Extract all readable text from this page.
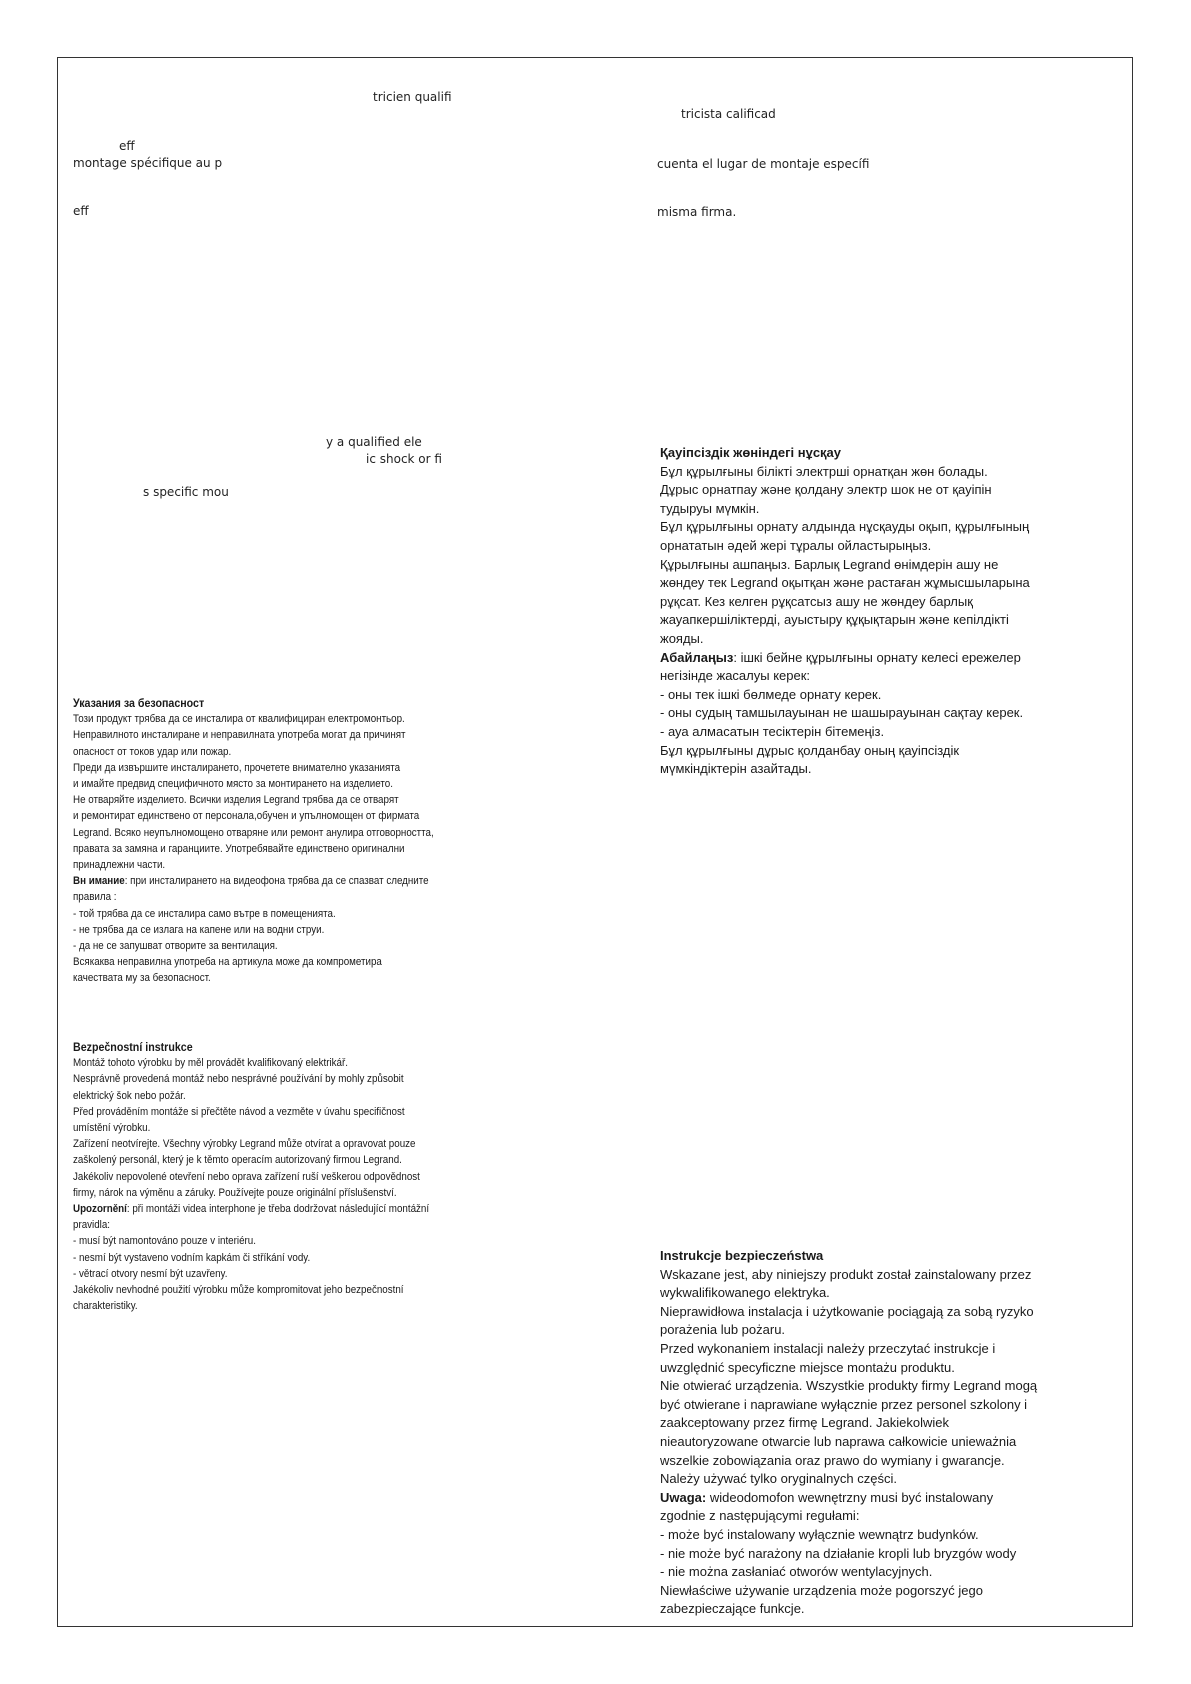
tricien qualifi
tricista calificad
eff
montage spécifique au p	cuenta el lugar de montaje específi
eff	misma firma.
y a qualified ele
ic shock or fi
s specific mou
Указания за безопасност
Този продукт трябва да се инсталира от квалифициран електромонтьор.
Неправилното инсталиране и неправилната употреба могат да причинят
опасност от токов удар или пожар.
Преди да извършите инсталирането, прочетете внимателно указанията
и имайте предвид специфичното място за монтирането на изделието.
Не отваряйте изделието. Всички изделия Legrand трябва да се отварят
и ремонтират единствено от персонала,обучен и упълномощен от фирмата
Legrand. Всяко неупълномощено отваряне или ремонт анулира отговорността,
правата за замяна и гаранциите. Употребявайте единствено оригинални
принадлежни части.
Вн имание: при инсталирането на видеофона трябва да се спазват следните
правила :
- той трябва да се инсталира само вътре в помещенията.
- не трябва да се излага на капене или на водни струи.
- да не се запушват отворите за вентилация.
Всякаква неправилна употреба на артикула може да компрометира
качествата му за безопасност.
Bezpečnostní instrukce
Montáž tohoto výrobku by měl provádět kvalifikovaný elektrikář.
Nesprávně provedená montáž nebo nesprávné používání by mohly způsobit
elektrický šok nebo požár.
Před prováděním montáže si přečtěte návod a vezměte v úvahu specifičnost
umístění výrobku.
Zařízení neotvírejte. Všechny výrobky Legrand může otvírat a opravovat pouze
zaškolený personál, který je k těmto operacím autorizovaný firmou Legrand.
Jakékoliv nepovolené otevření nebo oprava zařízení ruší veškerou odpovědnost
firmy, nárok na výměnu a záruky. Používejte pouze originální příslušenství.
Upozornění: při montáži videa interphone je třeba dodržovat následující montážní
pravidla:
- musí být namontováno pouze v interiéru.
- nesmí být vystaveno vodním kapkám či stříkání vody.
- větrací otvory nesmí být uzavřeny.
Jakékoliv nevhodné použití výrobku může kompromitovat jeho bezpečnostní
charakteristiky.
Қауіпсіздік жөніндегі нұсқау
Бұл құрылғыны білікті электрші орнатқан жөн болады.
Дұрыс орнатпау және қолдану электр шок не от қауіпін
тудыруы мүмкін.
Бұл құрылғыны орнату алдында нұсқауды оқып, құрылғының
орнататын әдей жері тұралы ойластырыңыз.
Құрылғыны ашпаңыз. Барлық Legrand өнімдерін ашу не
жөндеу тек Legrand оқытқан және растаған жұмысшыларына
рұқсат. Кез келген рұқсатсыз ашу не жөндеу барлық
жауапкершіліктерді, ауыстыру құқықтарын және кепілдікті
жояды.
Абайлаңыз: ішкі бейне құрылғыны орнату келесі ережелер
негізінде жасалуы керек:
- оны тек ішкі бөлмеде орнату керек.
- оны судың тамшылауынан не шашырауынан сақтау керек.
- ауа алмасатын тесіктерін бітемеңіз.
Бұл құрылғыны дұрыс қолданбау оның қауіпсіздік
мүмкіндіктерін азайтады.
Instrukcje bezpieczeństwa
Wskazane jest, aby niniejszy produkt został zainstalowany przez
wykwalifikowanego elektryka.
Nieprawidłowa instalacja i użytkowanie pociągają za sobą ryzyko
porażenia lub pożaru.
Przed wykonaniem instalacji należy przeczytać instrukcje i
uwzględnić specyficzne miejsce montażu produktu.
Nie otwierać urządzenia. Wszystkie produkty firmy Legrand mogą
być otwierane i naprawiane wyłącznie przez personel szkolony i
zaakceptowany przez firmę Legrand. Jakiekolwiek
nieautoryzowane otwarcie lub naprawa całkowicie unieważnia
wszelkie zobowiązania oraz prawo do wymiany i gwarancje.
Należy używać tylko oryginalnych części.
Uwaga: wideodomofon wewnętrzny musi być instalowany
zgodnie z następującymi regułami:
- może być instalowany wyłącznie wewnątrz budynków.
- nie może być narażony na działanie kropli lub bryzgów wody
- nie można zasłaniać otworów wentylacyjnych.
Niewłaściwe używanie urządzenia może pogorszyć jego
zabezpieczające funkcje.
